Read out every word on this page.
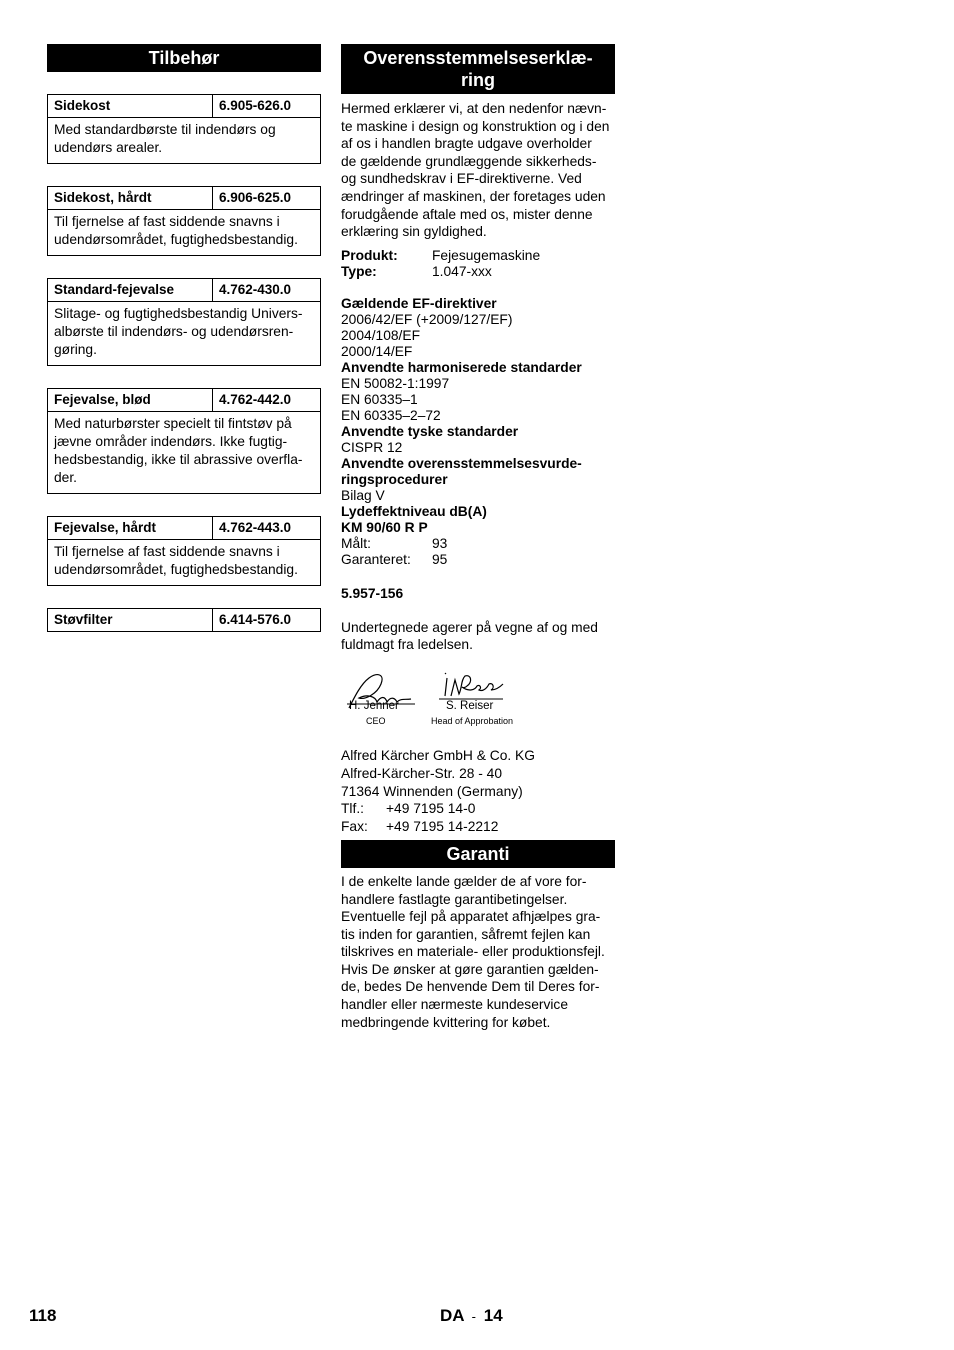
Tilbehør
Sidekost	6.905-626.0
Med standardbørste til indendørs og
udendørs arealer.
Sidekost, hårdt	6.906-625.0
Til fjernelse af fast siddende snavns i
udendørsområdet, fugtighedsbestandig.
Standard-fejevalse	4.762-430.0
Slitage- og fugtighedsbestandig Univers-
albørste til indendørs- og udendørsren-
gøring.
Fejevalse, blød	4.762-442.0
Med naturbørster specielt til fintstøv på
jævne områder indendørs. Ikke fugtig-
hedsbestandig, ikke til abrassive overfla-
der.
Fejevalse, hårdt	4.762-443.0
Til fjernelse af fast siddende snavns i
udendørsområdet, fugtighedsbestandig.
Støvfilter	6.414-576.0
Overensstemmelseserklæ-
ring
Hermed erklærer vi, at den nedenfor nævn-
te maskine i design og konstruktion og i den
af os i handlen bragte udgave overholder
de gældende grundlæggende sikkerheds-
og sundhedskrav i EF-direktiverne. Ved
ændringer af maskinen, der foretages uden
forudgående aftale med os, mister denne
erklæring sin gyldighed.
Produkt:	Fejesugemaskine
Type:	1.047-xxx
Gældende EF-direktiver
2006/42/EF (+2009/127/EF)
2004/108/EF
2000/14/EF
Anvendte harmoniserede standarder
EN 50082-1:1997
EN 60335–1
EN 60335–2–72
Anvendte tyske standarder
CISPR 12
Anvendte overensstemmelsesvurde-
ringsprocedurer
Bilag V
Lydeffektniveau dB(A)
KM 90/60 R P
Målt:	93
Garanteret:	95
5.957-156
Undertegnede agerer på vegne af og med
fuldmagt fra ledelsen.
H. Jenner
CEO
S. Reiser
Head of Approbation
Alfred Kärcher GmbH & Co. KG
Alfred-Kärcher-Str. 28 - 40
71364 Winnenden (Germany)
Tlf.:	+49 7195 14-0
Fax:	+49 7195 14-2212
Garanti
I de enkelte lande gælder de af vore for-
handlere fastlagte garantibetingelser.
Eventuelle fejl på apparatet afhjælpes gra-
tis inden for garantien, såfremt fejlen kan
tilskrives en materiale- eller produktionsfejl.
Hvis De ønsker at gøre garantien gælden-
de, bedes De henvende Dem til Deres for-
handler eller nærmeste kundeservice
medbringende kvittering for købet.
118	DA - 14
